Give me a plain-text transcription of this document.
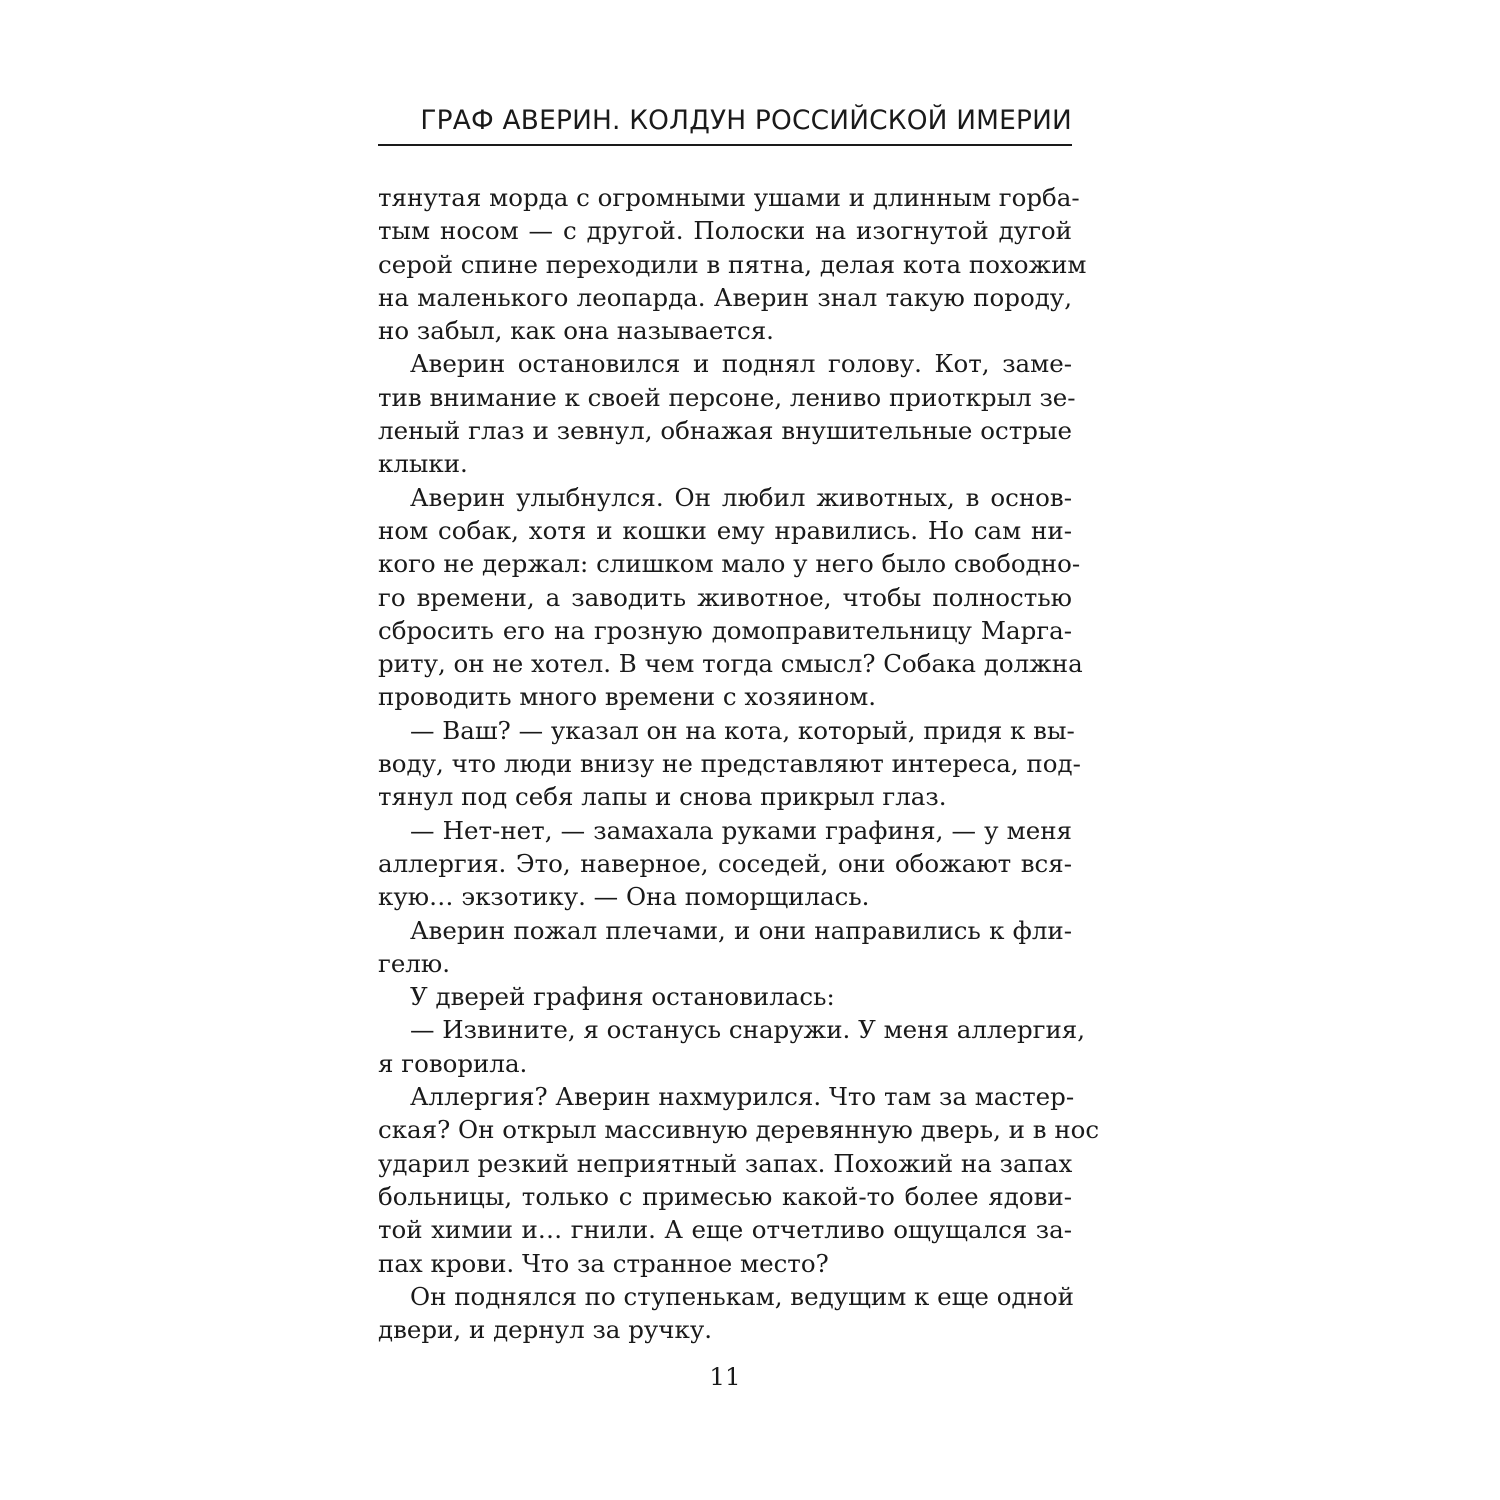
ГРАФ АВЕРИН. КОЛДУН РОССИЙСКОЙ ИМЕРИИ
тянутая морда с огромными ушами и длинным горба-
тым носом — с другой. Полоски на изогнутой дугой
серой спине переходили в пятна, делая кота похожим
на маленького леопарда. Аверин знал такую породу,
но забыл, как она называется.
Аверин остановился и поднял голову. Кот, заме-
тив внимание к своей персоне, лениво приоткрыл зе-
леный глаз и зевнул, обнажая внушительные острые
клыки.
Аверин улыбнулся. Он любил животных, в основ-
ном собак, хотя и кошки ему нравились. Но сам ни-
кого не держал: слишком мало у него было свободно-
го времени, а заводить животное, чтобы полностью
сбросить его на грозную домоправительницу Марга-
риту, он не хотел. В чем тогда смысл? Собака должна
проводить много времени с хозяином.
— Ваш? — указал он на кота, который, придя к вы-
воду, что люди внизу не представляют интереса, под-
тянул под себя лапы и снова прикрыл глаз.
— Нет-нет, — замахала руками графиня, — у меня
аллергия. Это, наверное, соседей, они обожают вся-
кую… экзотику. — Она поморщилась.
Аверин пожал плечами, и они направились к фли-
гелю.
У дверей графиня остановилась:
— Извините, я останусь снаружи. У меня аллергия,
я говорила.
Аллергия? Аверин нахмурился. Что там за мастер-
ская? Он открыл массивную деревянную дверь, и в нос
ударил резкий неприятный запах. Похожий на запах
больницы, только с примесью какой-то более ядови-
той химии и… гнили. А еще отчетливо ощущался за-
пах крови. Что за странное место?
Он поднялся по ступенькам, ведущим к еще одной
двери, и дернул за ручку.
11
